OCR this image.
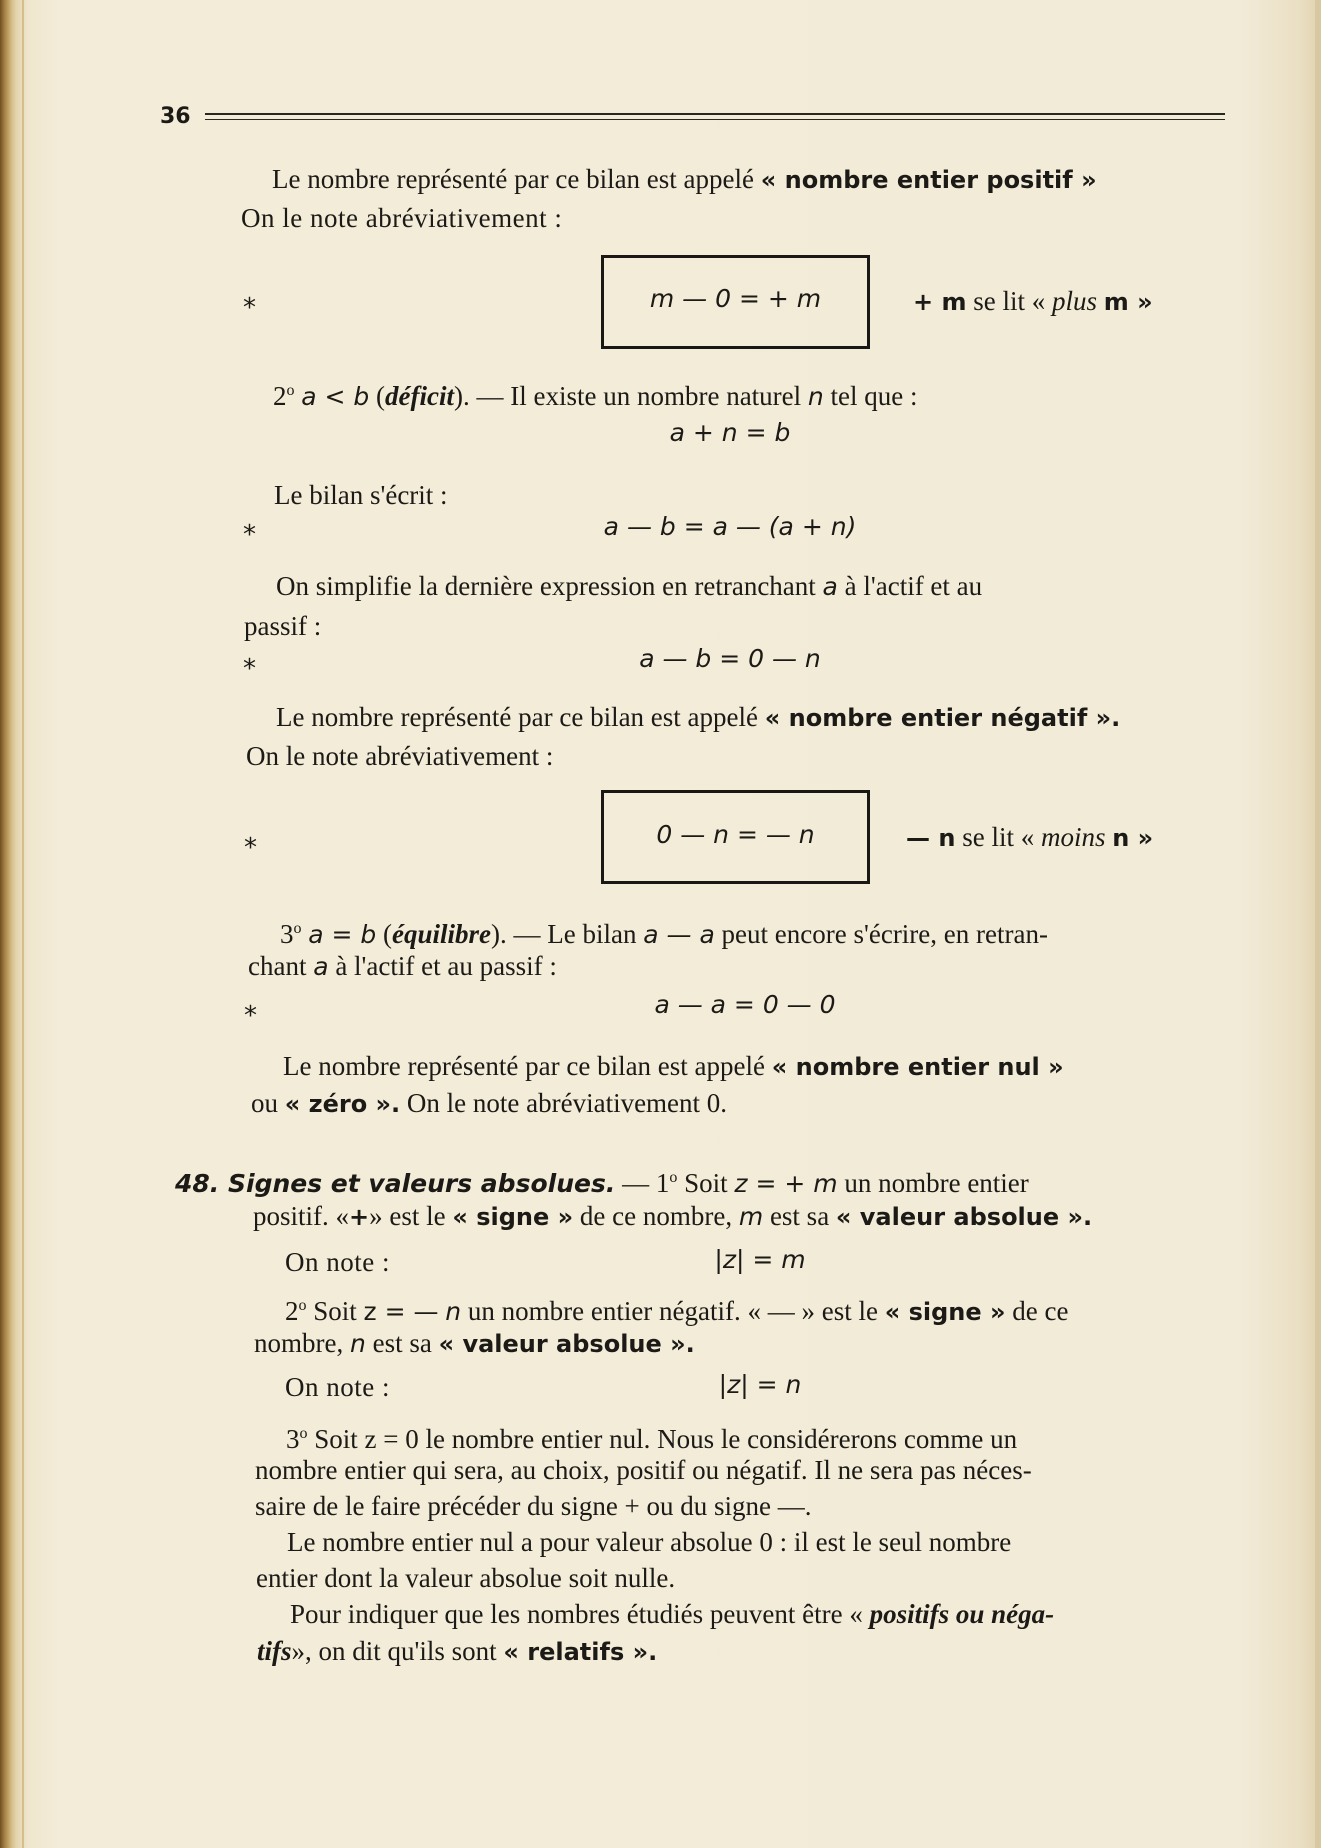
36
Le nombre représenté par ce bilan est appelé « nombre entier positif »
On le note abréviativement :
m — 0 = + m
*	+ m se lit « plus m »
2$^o$ a < b (déficit). — Il existe un nombre naturel n tel que :
a + n = b
Le bilan s'écrit :
*	a — b = a — (a + n)
On simplifie la dernière expression en retranchant a à l'actif et au
passif :
*	a — b = 0 — n
Le nombre représenté par ce bilan est appelé « nombre entier négatif ».
On le note abréviativement :
0 — n = — n
*	— n se lit « moins n »
3$^o$ a = b (équilibre). — Le bilan a — a peut encore s'écrire, en retran-
chant a à l'actif et au passif :
*	a — a = 0 — 0
Le nombre représenté par ce bilan est appelé « nombre entier nul »
ou « zéro ». On le note abréviativement 0.
48. Signes et valeurs absolues. — 1$^o$ Soit z = + m un nombre entier
positif. «+» est le « signe » de ce nombre, m est sa « valeur absolue ».
On note :	|z| = m
2$^o$ Soit z = — n un nombre entier négatif. « — » est le « signe » de ce
nombre, n est sa « valeur absolue ».
On note :	|z| = n
3$^o$ Soit z = 0 le nombre entier nul. Nous le considérerons comme un
nombre entier qui sera, au choix, positif ou négatif. Il ne sera pas néces-
saire de le faire précéder du signe + ou du signe —.
Le nombre entier nul a pour valeur absolue 0 : il est le seul nombre
entier dont la valeur absolue soit nulle.
Pour indiquer que les nombres étudiés peuvent être « positifs ou néga-
tifs», on dit qu'ils sont « relatifs ».
